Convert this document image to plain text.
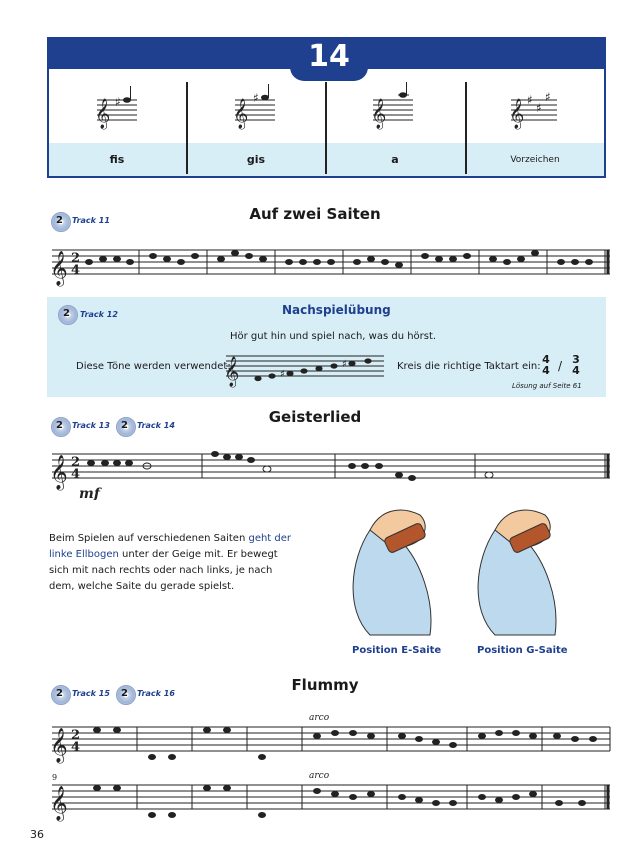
14
𝄞	𝄞	𝄞	𝄞
♯	♯	♯
♯
♯
fis	gis	a	Vorzeichen
2 Track 11	Auf zwei Saiten
𝄞 2
4
2 Track 12	Nachspielübung
Hör gut hin und spiel nach, was du hörst.
Diese Töne werden verwendet:
𝄞	♯
♯	Kreis die richtige Taktart ein:
4
4 / 3
4
Lösung auf Seite 61
2 Track 13 2 Track 14	Geisterlied
𝄞 2
4
mf
Beim Spielen auf verschiedenen Saiten geht der linke Ellbogen unter der Geige mit. Er bewegt sich mit nach rechts oder nach links, je nach dem, welche Saite du gerade spielst.
Position E-Saite	Position G-Saite
2 Track 15 2 Track 16	Flummy
𝄞 2
4
𝄞
9
arco
arco
36
